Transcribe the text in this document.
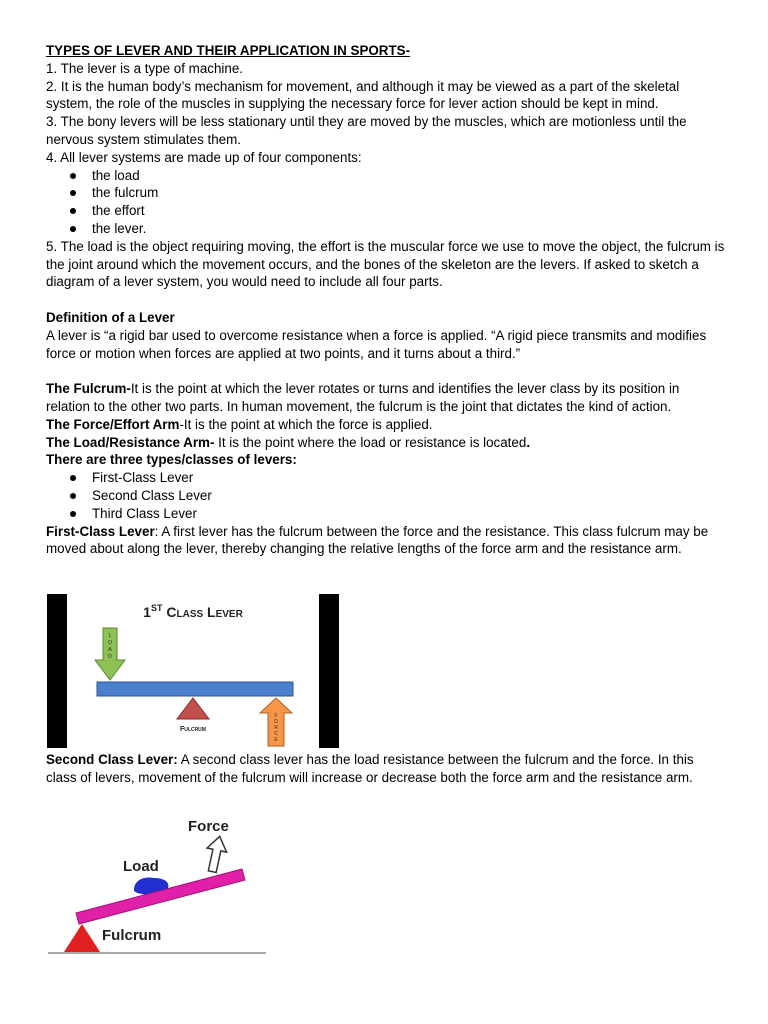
TYPES OF LEVER AND THEIR APPLICATION IN SPORTS-

1. The lever is a type of machine.

2. It is the human body’s mechanism for movement, and although it may be viewed as a part of the skeletal system, the role of the muscles in supplying the necessary force for lever action should be kept in mind.

3. The bony levers will be less stationary until they are moved by the muscles, which are motionless until the nervous system stimulates them.

4. All lever systems are made up of four components:

the load
the fulcrum
the effort
the lever.

5. The load is the object requiring moving, the effort is the muscular force we use to move the object, the fulcrum is the joint around which the movement occurs, and the bones of the skeleton are the levers. If asked to sketch a diagram of a lever system, you would need to include all four parts.

Definition of a Lever

A lever is “a rigid bar used to overcome resistance when a force is applied. “A rigid piece transmits and modifies force or motion when forces are applied at two points, and it turns about a third.”

The Fulcrum-It is the point at which the lever rotates or turns and identifies the lever class by its position in relation to the other two parts. In human movement, the fulcrum is the joint that dictates the kind of action.

The Force/Effort Arm-It is the point at which the force is applied.

The Load/Resistance Arm- It is the point where the load or resistance is located.

There are three types/classes of levers:

First-Class Lever
Second Class Lever
Third Class Lever

First-Class Lever: A first lever has the fulcrum between the force and the resistance. This class fulcrum may be moved about along the lever, thereby changing the relative lengths of the force arm and the resistance arm.

1ST Class Lever
L
O
A
D
Fulcrum
F
O
R
C
E

Second Class Lever: A second class lever has the load resistance between the fulcrum and the force. In this class of levers, movement of the fulcrum will increase or decrease both the force arm and the resistance arm.

Force
Load
Fulcrum
